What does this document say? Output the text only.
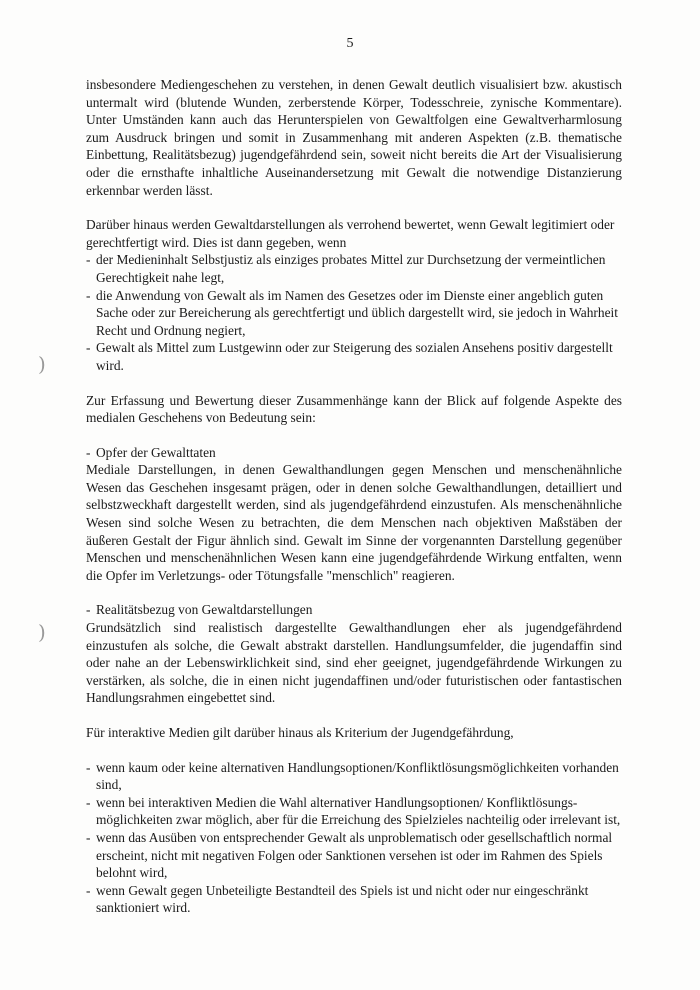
5
)
)

insbesondere Mediengeschehen zu verstehen, in denen Gewalt deutlich visualisiert bzw. akustisch untermalt wird (blutende Wunden, zerberstende Körper, Todesschreie, zynische Kommentare). Unter Umständen kann auch das Herunterspielen von Gewaltfolgen eine Gewaltverharmlosung zum Ausdruck bringen und somit in Zusammenhang mit anderen Aspekten (z.B. thematische Einbettung, Realitätsbezug) jugendgefährdend sein, soweit nicht bereits die Art der Visualisierung oder die ernsthafte inhaltliche Auseinandersetzung mit Gewalt die notwendige Distanzierung erkennbar werden lässt.

Darüber hinaus werden Gewaltdarstellungen als verrohend bewertet, wenn Gewalt legitimiert oder gerechtfertigt wird. Dies ist dann gegeben, wenn

- der Medieninhalt Selbstjustiz als einziges probates Mittel zur Durchsetzung der vermeintlichen Gerechtigkeit nahe legt,
- die Anwendung von Gewalt als im Namen des Gesetzes oder im Dienste einer angeblich guten Sache oder zur Bereicherung als gerechtfertigt und üblich dargestellt wird, sie jedoch in Wahrheit Recht und Ordnung negiert,
- Gewalt als Mittel zum Lustgewinn oder zur Steigerung des sozialen Ansehens positiv dargestellt wird.

Zur Erfassung und Bewertung dieser Zusammenhänge kann der Blick auf folgende Aspekte des medialen Geschehens von Bedeutung sein:

- Opfer der Gewalttaten

Mediale Darstellungen, in denen Gewalthandlungen gegen Menschen und menschenähnliche Wesen das Geschehen insgesamt prägen, oder in denen solche Gewalthandlungen, detailliert und selbstzweckhaft dargestellt werden, sind als jugendgefährdend einzustufen. Als menschenähnliche Wesen sind solche Wesen zu betrachten, die dem Menschen nach objektiven Maßstäben der äußeren Gestalt der Figur ähnlich sind. Gewalt im Sinne der vorgenannten Darstellung gegenüber Menschen und menschenähnlichen Wesen kann eine jugendgefährdende Wirkung entfalten, wenn die Opfer im Verletzungs- oder Tötungsfalle "menschlich" reagieren.

- Realitätsbezug von Gewaltdarstellungen

Grundsätzlich sind realistisch dargestellte Gewalthandlungen eher als jugendgefährdend einzustufen als solche, die Gewalt abstrakt darstellen. Handlungsumfelder, die jugendaffin sind oder nahe an der Lebenswirklichkeit sind, sind eher geeignet, jugendgefährdende Wirkungen zu verstärken, als solche, die in einen nicht jugendaffinen und/oder futuristischen oder fantastischen Handlungsrahmen eingebettet sind.

Für interaktive Medien gilt darüber hinaus als Kriterium der Jugendgefährdung,

- wenn kaum oder keine alternativen Handlungsoptionen/Konfliktlösungsmöglichkeiten vorhanden sind,
- wenn bei interaktiven Medien die Wahl alternativer Handlungsoptionen/ Konfliktlösungs-möglichkeiten zwar möglich, aber für die Erreichung des Spielzieles nachteilig oder irrelevant ist,
- wenn das Ausüben von entsprechender Gewalt als unproblematisch oder gesellschaftlich normal erscheint, nicht mit negativen Folgen oder Sanktionen versehen ist oder im Rahmen des Spiels belohnt wird,
- wenn Gewalt gegen Unbeteiligte Bestandteil des Spiels ist und nicht oder nur eingeschränkt sanktioniert wird.
